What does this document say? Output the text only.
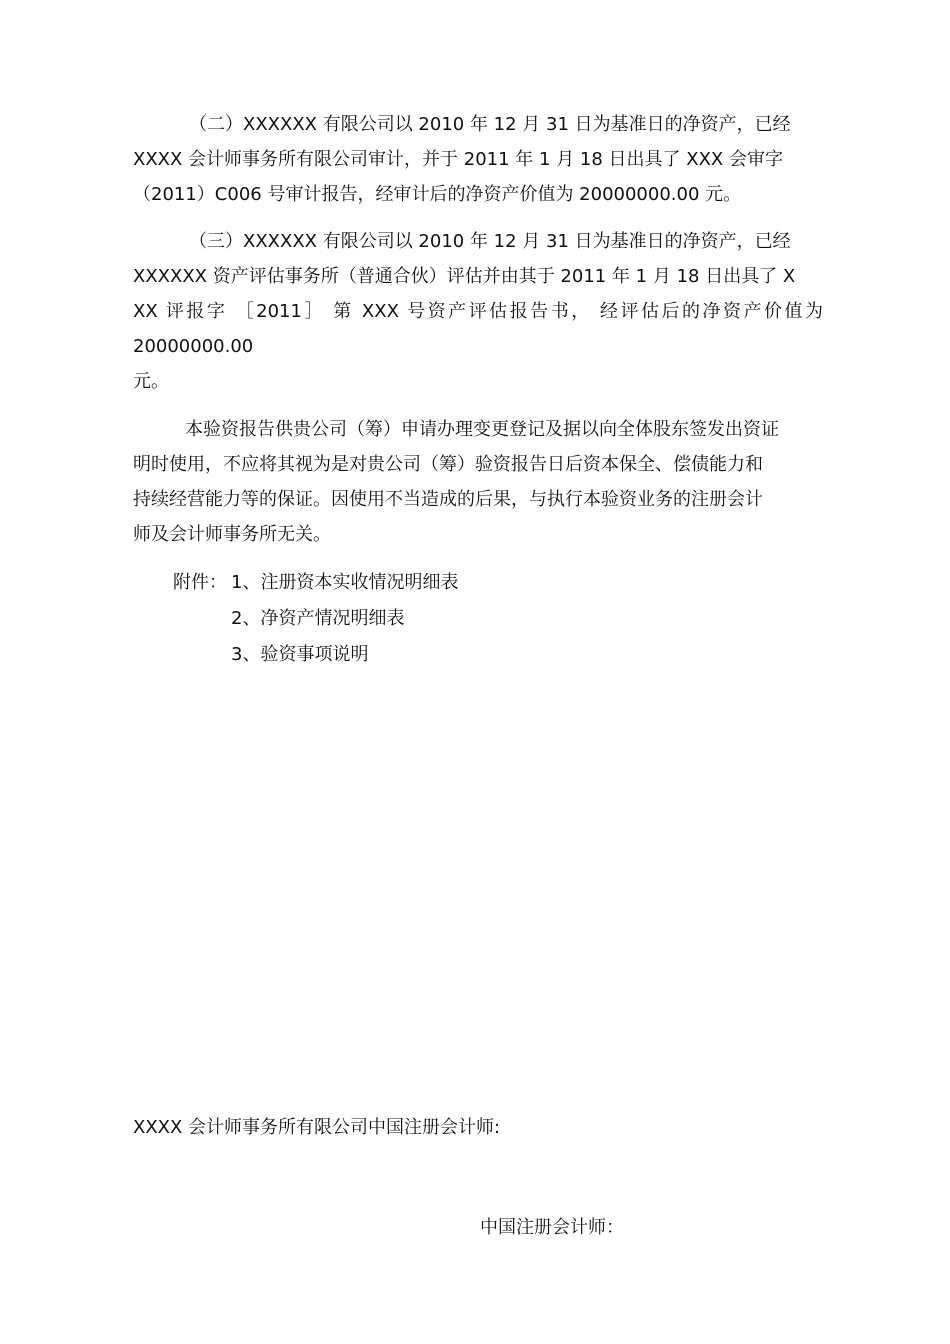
（二）XXXXXX 有限公司以 2010 年 12 月 31 日为基准日的净资产，已经
XXXX 会计师事务所有限公司审计，并于 2011 年 1 月 18 日出具了 XXX 会审字
（2011）C006 号审计报告，经审计后的净资产价值为 20000000.00 元。

（三）XXXXXX 有限公司以 2010 年 12 月 31 日为基准日的净资产，已经
XXXXXX 资产评估事务所（普通合伙）评估并由其于 2011 年 1 月 18 日出具了 X
XX 评报字 ［2011］ 第 XXX 号资产评估报告书， 经评估后的净资产价值为
20000000.00
元。

本验资报告供贵公司（筹）申请办理变更登记及据以向全体股东签发出资证
明时使用，不应将其视为是对贵公司（筹）验资报告日后资本保全、偿债能力和
持续经营能力等的保证。因使用不当造成的后果，与执行本验资业务的注册会计
师及会计师事务所无关。

附件： 1、注册资本实收情况明细表
2、净资产情况明细表
3、验资事项说明
XXXX 会计师事务所有限公司中国注册会计师:
中国注册会计师：
